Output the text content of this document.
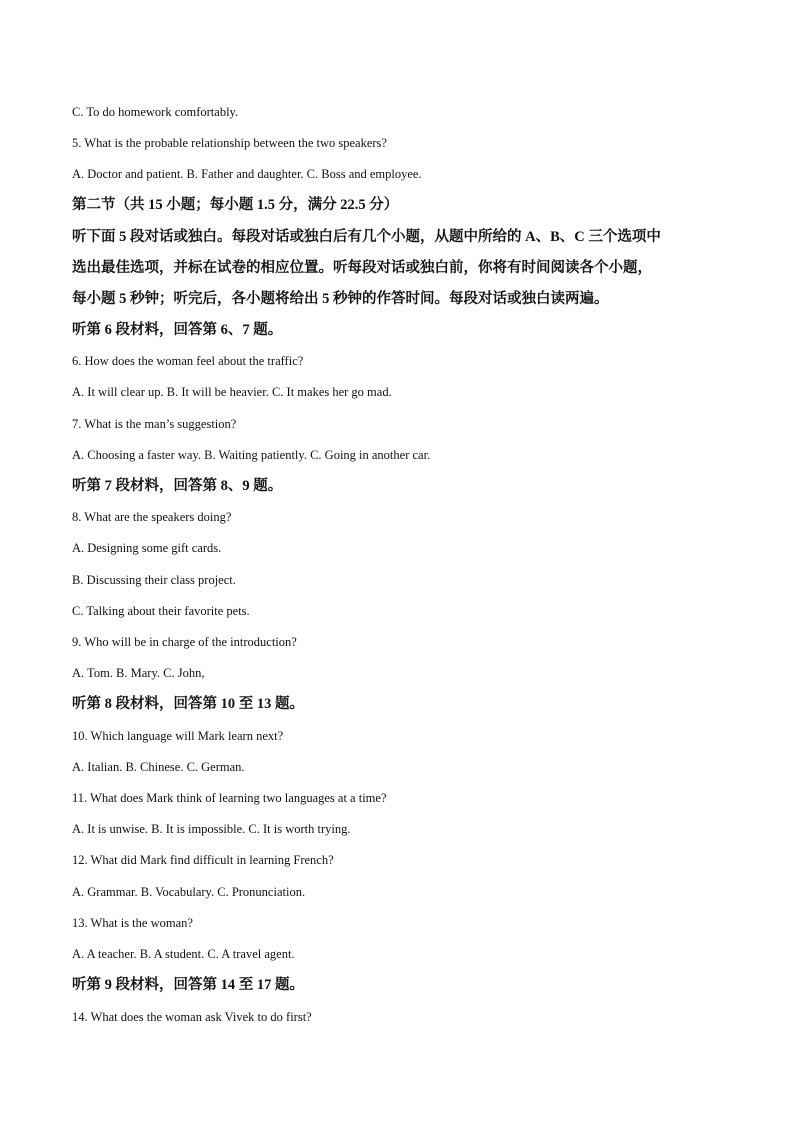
C. To do homework comfortably.
5. What is the probable relationship between the two speakers?
A. Doctor and patient. B. Father and daughter. C. Boss and employee.
第二节（共 15 小题；每小题 1.5 分，满分 22.5 分）
听下面 5 段对话或独白。每段对话或独白后有几个小题，从题中所给的 A、B、C 三个选项中
选出最佳选项，并标在试卷的相应位置。听每段对话或独白前，你将有时间阅读各个小题，
每小题 5 秒钟；听完后，各小题将给出 5 秒钟的作答时间。每段对话或独白读两遍。
听第 6 段材料，回答第 6、7 题。
6. How does the woman feel about the traffic?
A. It will clear up. B. It will be heavier. C. It makes her go mad.
7. What is the man’s suggestion?
A. Choosing a faster way. B. Waiting patiently. C. Going in another car.
听第 7 段材料，回答第 8、9 题。
8. What are the speakers doing?
A. Designing some gift cards.
B. Discussing their class project.
C. Talking about their favorite pets.
9. Who will be in charge of the introduction?
A. Tom. B. Mary. C. John,
听第 8 段材料，回答第 10 至 13 题。
10. Which language will Mark learn next?
A. Italian. B. Chinese. C. German.
11. What does Mark think of learning two languages at a time?
A. It is unwise. B. It is impossible. C. It is worth trying.
12. What did Mark find difficult in learning French?
A. Grammar. B. Vocabulary. C. Pronunciation.
13. What is the woman?
A. A teacher. B. A student. C. A travel agent.
听第 9 段材料，回答第 14 至 17 题。
14. What does the woman ask Vivek to do first?
